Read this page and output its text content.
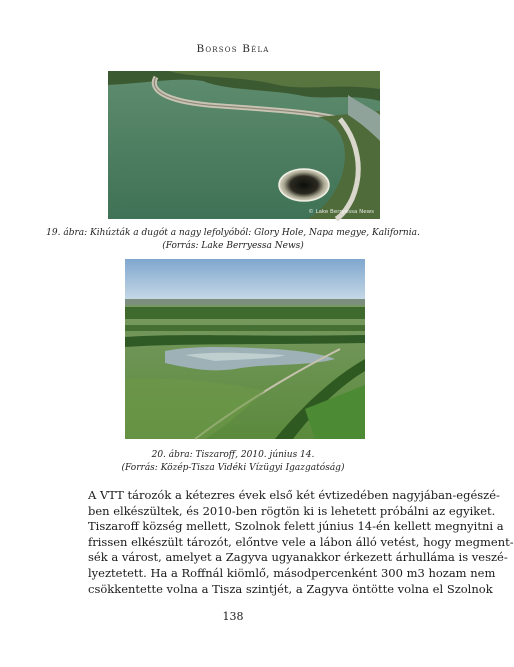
Borsos Béla
© Lake Berryessa News
19. ábra: Kihúzták a dugót a nagy lefolyóból: Glory Hole, Napa megye, Kalifornia.
(Forrás: Lake Berryessa News)
20. ábra: Tiszaroff, 2010. június 14.
(Forrás: Közép-Tisza Vidéki Vízügyi Igazgatóság)
A VTT tározók a kétezres évek első két évtizedében nagyjában-egészé-
ben elkészültek, és 2010-ben rögtön ki is lehetett próbálni az egyiket.
Tiszaroff község mellett, Szolnok felett június 14-én kellett megnyitni a
frissen elkészült tározót, előntve vele a lábon álló vetést, hogy megment-
sék a várost, amelyet a Zagyva ugyanakkor érkezett árhulláma is veszé-
lyeztetett. Ha a Roffnál kiömlő, másodpercenként 300 m3 hozam nem
csökkentette volna a Tisza szintjét, a Zagyva öntötte volna el Szolnok
138
